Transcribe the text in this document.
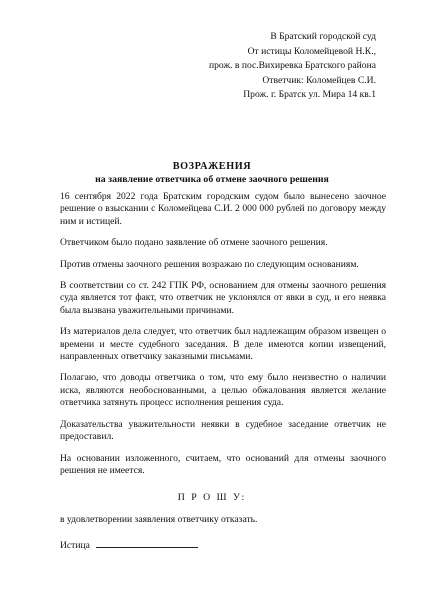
В Братский городской суд
От истицы Коломейцевой Н.К.,
прож. в пос.Вихиревка Братского района
Ответчик: Коломейцев С.И.
Прож. г. Братск ул. Мира 14 кв.1
ВОЗРАЖЕНИЯ
на заявление ответчика об отмене заочного решения

16 сентября 2022 года Братским городским судом было вынесено заочное решение о взыскании с Коломейцева С.И. 2 000 000 рублей по договору между ним и истицей.

Ответчиком было подано заявление об отмене заочного решения.

Против отмены заочного решения возражаю по следующим основаниям.

В соответствии со ст. 242 ГПК РФ, основанием для отмены заочного решения суда является тот факт, что ответчик не уклонялся от явки в суд, и его неявка была вызвана уважительными причинами.

Из материалов дела следует, что ответчик был надлежащим образом извещен о времени и месте судебного заседания. В деле имеются копии извещений, направленных ответчику заказными письмами.

Полагаю, что доводы ответчика о том, что ему было неизвестно о наличии иска, являются необоснованными, а целью обжалования является желание ответчика затянуть процесс исполнения решения суда.

Доказательства уважительности неявки в судебное заседание ответчик не предоставил.

На основании изложенного, считаем, что оснований для отмены заочного решения не имеется.

П Р О Ш У:
в удовлетворении заявления ответчику отказать.
Истица
